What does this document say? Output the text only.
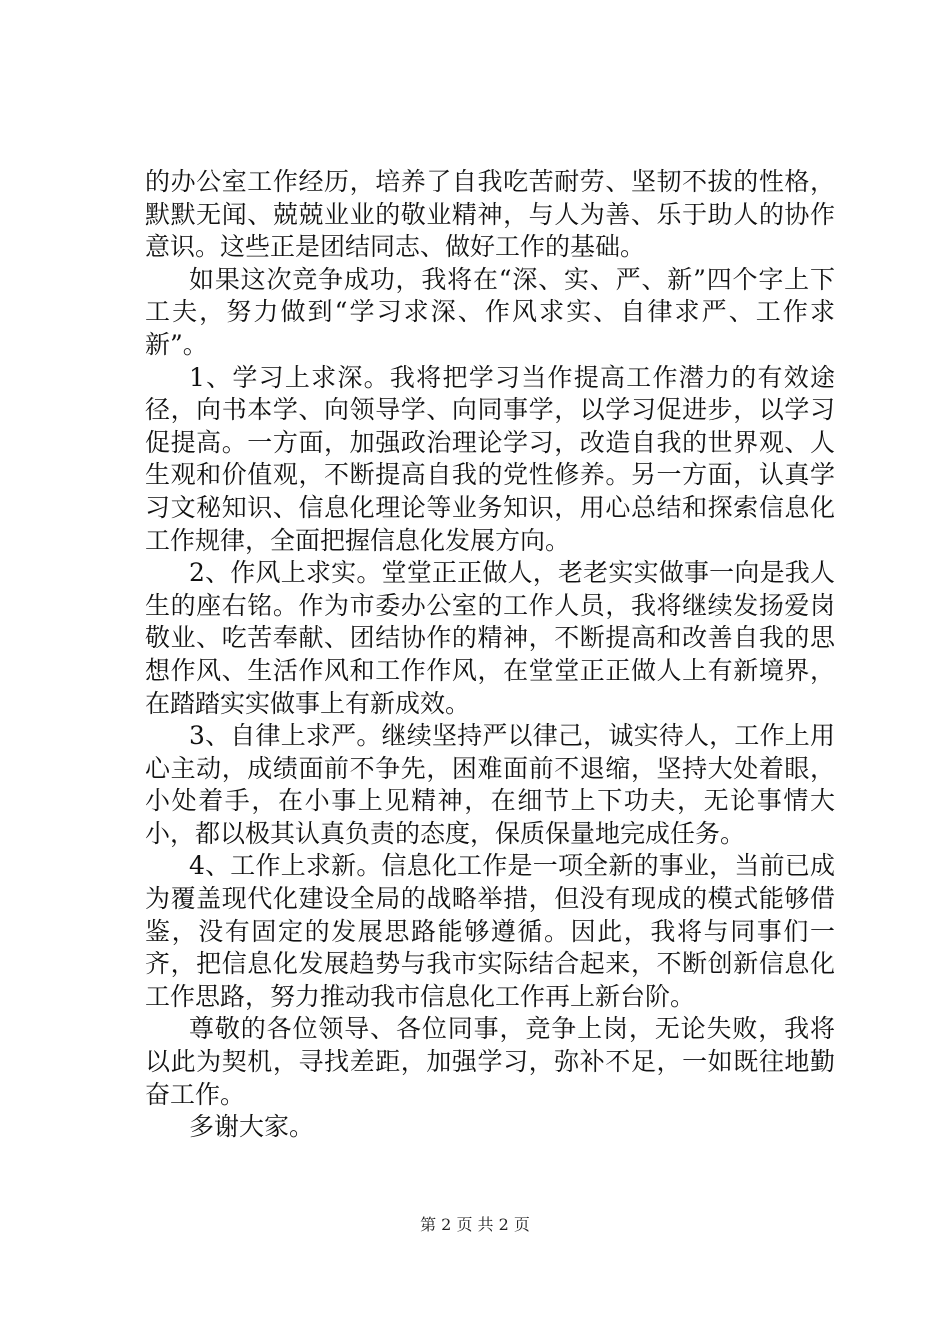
的办公室工作经历，培养了自我吃苦耐劳、坚韧不拔的性格，默默无闻、兢兢业业的敬业精神，与人为善、乐于助人的协作意识。这些正是团结同志、做好工作的基础。

如果这次竞争成功，我将在“深、实、严、新”四个字上下工夫，努力做到“学习求深、作风求实、自律求严、工作求新”。

1、学习上求深。我将把学习当作提高工作潜力的有效途径，向书本学、向领导学、向同事学，以学习促进步，以学习促提高。一方面，加强政治理论学习，改造自我的世界观、人生观和价值观，不断提高自我的党性修养。另一方面，认真学习文秘知识、信息化理论等业务知识，用心总结和探索信息化工作规律，全面把握信息化发展方向。

2、作风上求实。堂堂正正做人，老老实实做事一向是我人生的座右铭。作为市委办公室的工作人员，我将继续发扬爱岗敬业、吃苦奉献、团结协作的精神，不断提高和改善自我的思想作风、生活作风和工作作风，在堂堂正正做人上有新境界，在踏踏实实做事上有新成效。

3、自律上求严。继续坚持严以律己，诚实待人，工作上用心主动，成绩面前不争先，困难面前不退缩，坚持大处着眼，小处着手，在小事上见精神，在细节上下功夫，无论事情大小，都以极其认真负责的态度，保质保量地完成任务。

4、工作上求新。信息化工作是一项全新的事业，当前已成为覆盖现代化建设全局的战略举措，但没有现成的模式能够借鉴，没有固定的发展思路能够遵循。因此，我将与同事们一齐，把信息化发展趋势与我市实际结合起来，不断创新信息化工作思路，努力推动我市信息化工作再上新台阶。

尊敬的各位领导、各位同事，竞争上岗，无论失败，我将以此为契机，寻找差距，加强学习，弥补不足，一如既往地勤奋工作。

多谢大家。

第 2 页 共 2 页
